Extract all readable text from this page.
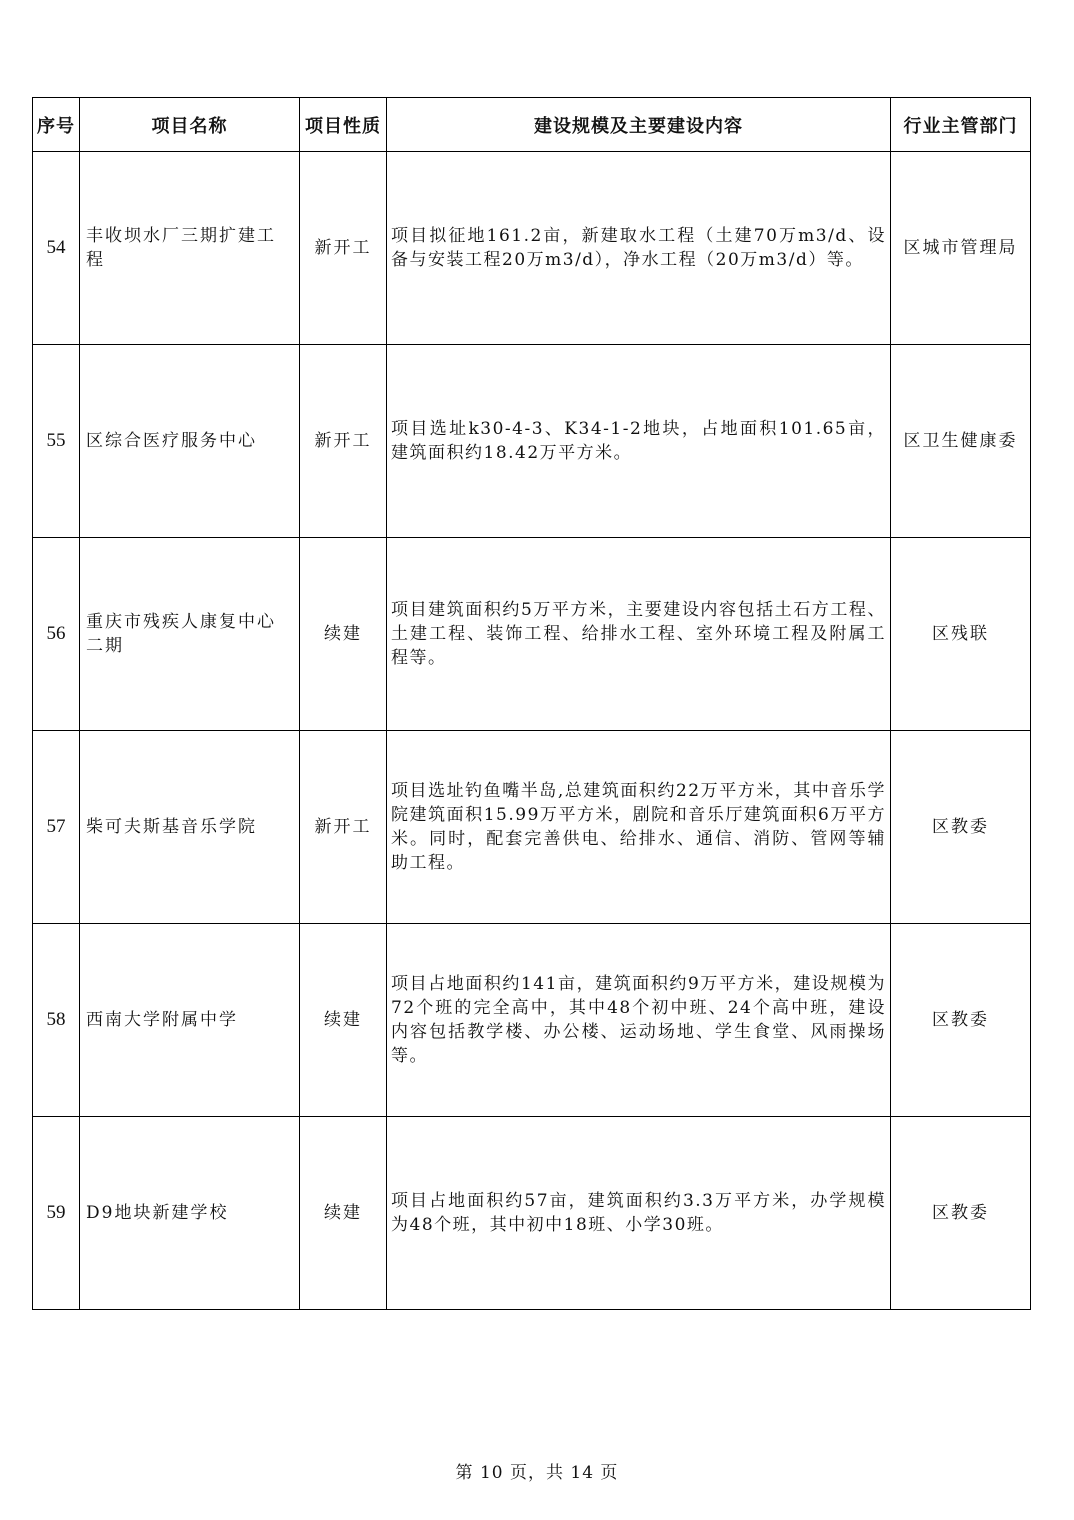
序号	项目名称	项目性质	建设规模及主要建设内容	行业主管部门
54	丰收坝水厂三期扩建工程	新开工	项目拟征地161.2亩，新建取水工程（土建70万m3/d、设备与安装工程20万m3/d），净水工程（20万m3/d）等。	区城市管理局
55	区综合医疗服务中心	新开工	项目选址k30-4-3、K34-1-2地块，占地面积101.65亩，建筑面积约18.42万平方米。	区卫生健康委
56	重庆市残疾人康复中心二期	续建	项目建筑面积约5万平方米，主要建设内容包括土石方工程、土建工程、装饰工程、给排水工程、室外环境工程及附属工程等。	区残联
57	柴可夫斯基音乐学院	新开工	项目选址钓鱼嘴半岛,总建筑面积约22万平方米，其中音乐学院建筑面积15.99万平方米，剧院和音乐厅建筑面积6万平方米。同时，配套完善供电、给排水、通信、消防、管网等辅助工程。	区教委
58	西南大学附属中学	续建	项目占地面积约141亩，建筑面积约9万平方米，建设规模为72个班的完全高中，其中48个初中班、24个高中班，建设内容包括教学楼、办公楼、运动场地、学生食堂、风雨操场等。	区教委
59	D9地块新建学校	续建	项目占地面积约57亩，建筑面积约3.3万平方米，办学规模为48个班，其中初中18班、小学30班。	区教委
第 10 页，共 14 页
